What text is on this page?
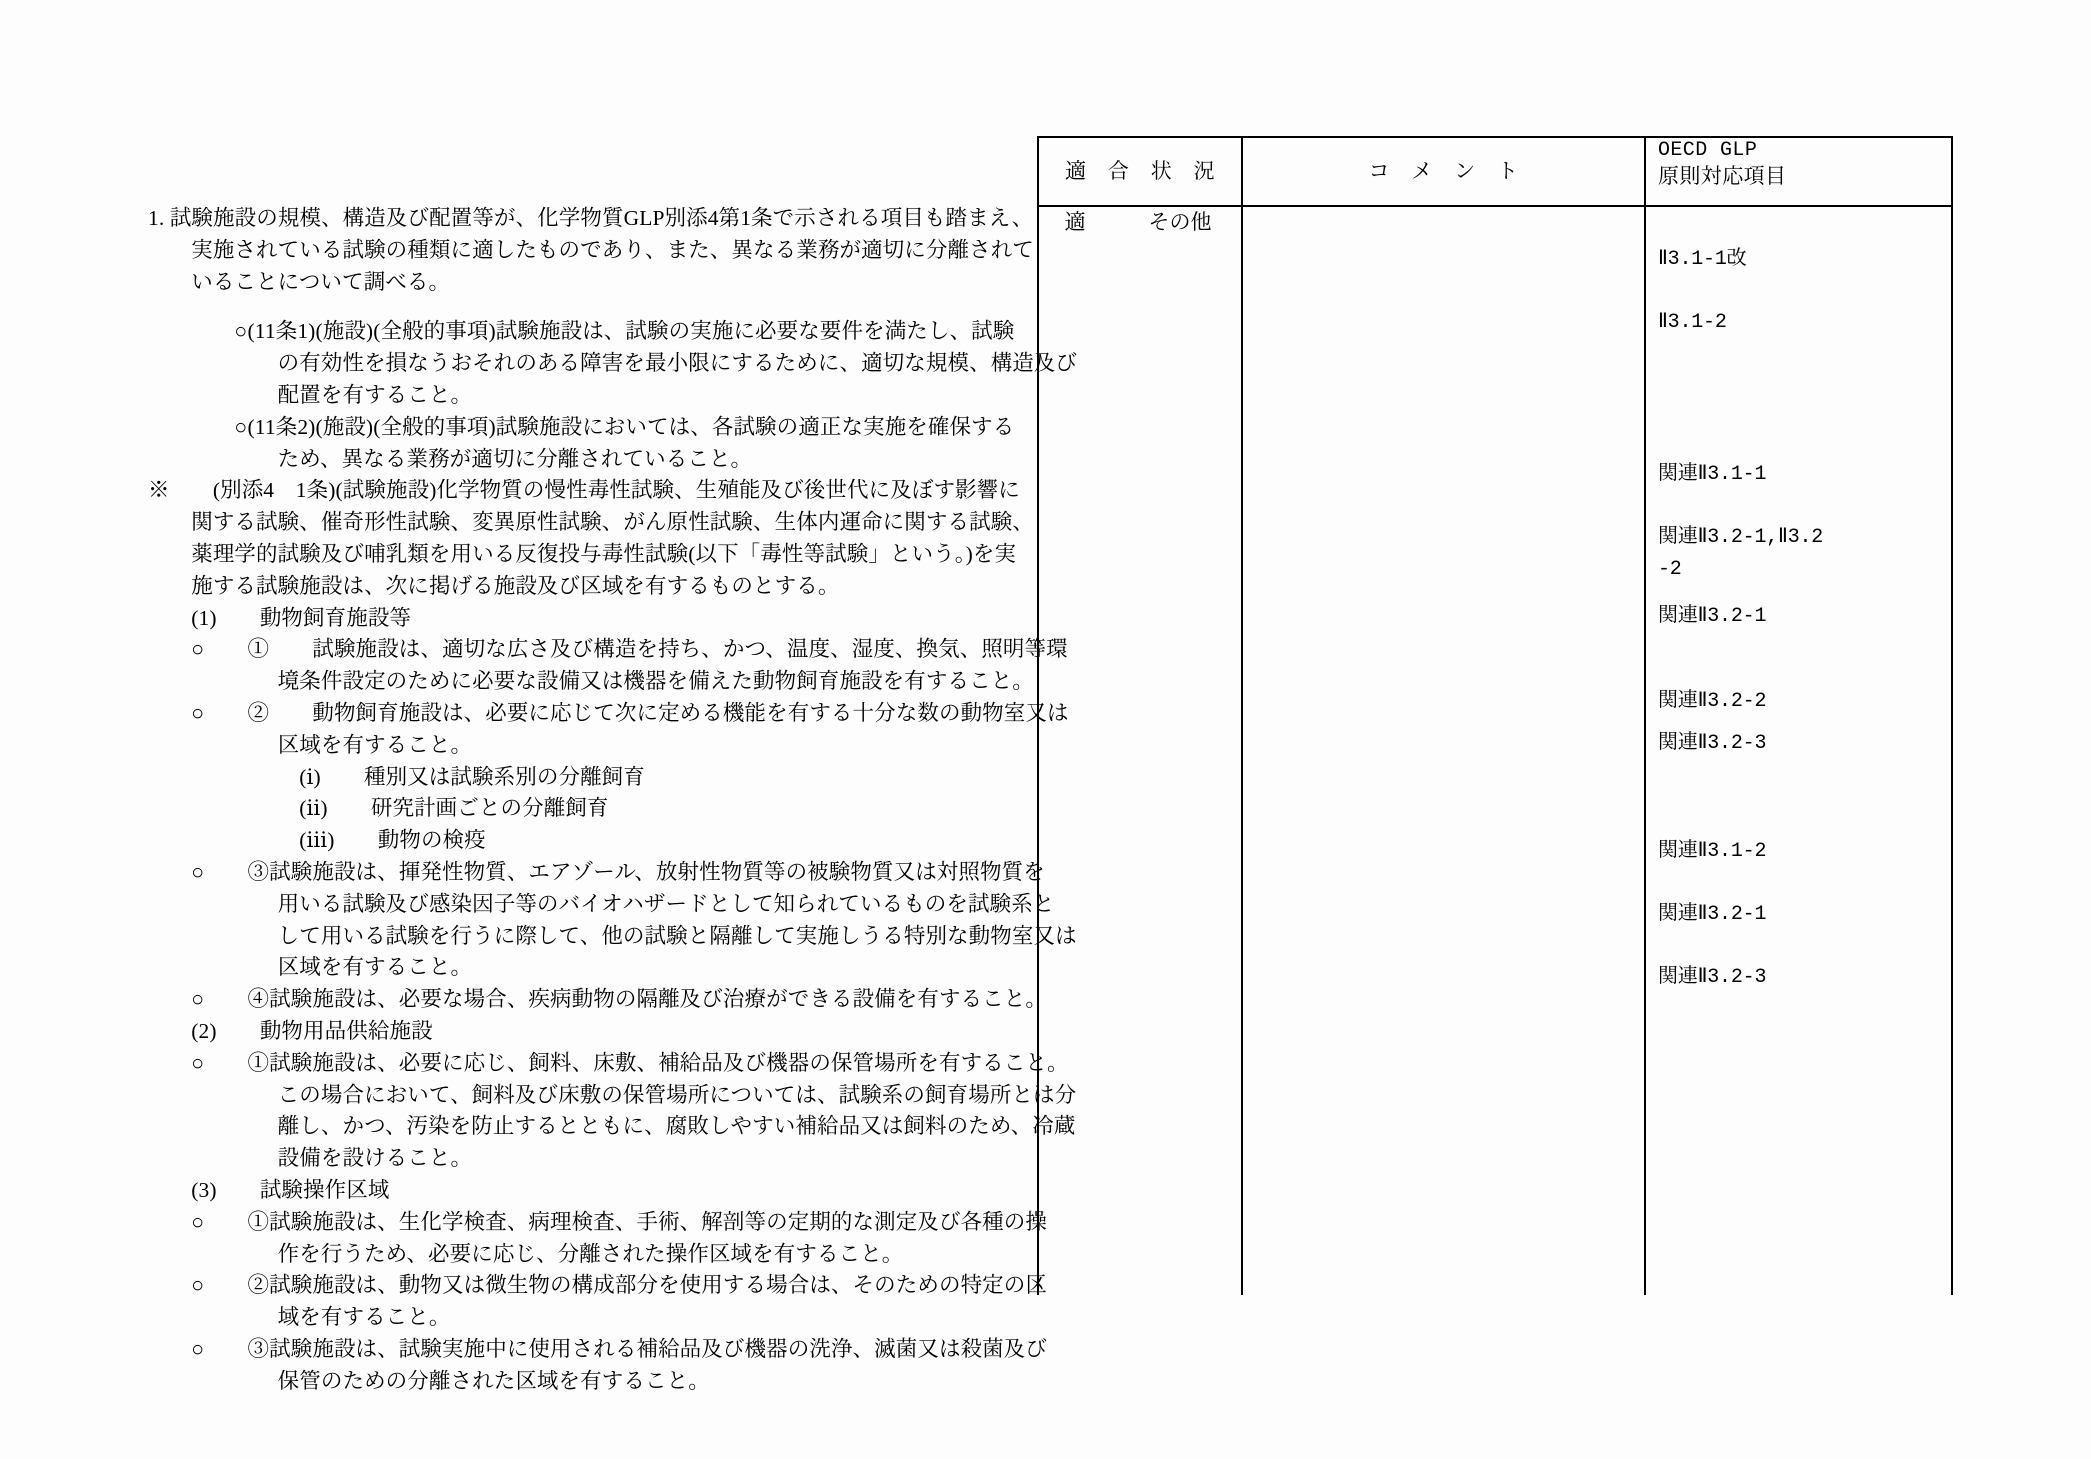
適　合　状　況	コ　メ　ン　ト
OECD GLP
原則対応項目
適　　　その他
Ⅱ3.1-1改
Ⅱ3.1-2
関連Ⅱ3.1-1
関連Ⅱ3.2-1,Ⅱ3.2
-2
関連Ⅱ3.2-1
関連Ⅱ3.2-2
関連Ⅱ3.2-3
関連Ⅱ3.1-2
関連Ⅱ3.2-1
関連Ⅱ3.2-3
1. 試験施設の規模、構造及び配置等が、化学物質GLP別添4第1条で示される項目も踏まえ、
　　実施されている試験の種類に適したものであり、また、異なる業務が適切に分離されて
　　いることについて調べる。
　　　　○(11条1)(施設)(全般的事項)試験施設は、試験の実施に必要な要件を満たし、試験
　　　　　　の有効性を損なうおそれのある障害を最小限にするために、適切な規模、構造及び
　　　　　　配置を有すること。
　　　　○(11条2)(施設)(全般的事項)試験施設においては、各試験の適正な実施を確保する
　　　　　　ため、異なる業務が適切に分離されていること。
※　　(別添4　1条)(試験施設)化学物質の慢性毒性試験、生殖能及び後世代に及ぼす影響に
　　関する試験、催奇形性試験、変異原性試験、がん原性試験、生体内運命に関する試験、
　　薬理学的試験及び哺乳類を用いる反復投与毒性試験(以下「毒性等試験」という。)を実
　　施する試験施設は、次に掲げる施設及び区域を有するものとする。
　　(1)　　動物飼育施設等
　　○　　①　　試験施設は、適切な広さ及び構造を持ち、かつ、温度、湿度、換気、照明等環
　　　　　　境条件設定のために必要な設備又は機器を備えた動物飼育施設を有すること。
　　○　　②　　動物飼育施設は、必要に応じて次に定める機能を有する十分な数の動物室又は
　　　　　　区域を有すること。
　　　　　　　(ⅰ)　　種別又は試験系別の分離飼育
　　　　　　　(ⅱ)　　研究計画ごとの分離飼育
　　　　　　　(ⅲ)　　動物の検疫
　　○　　③試験施設は、揮発性物質、エアゾール、放射性物質等の被験物質又は対照物質を
　　　　　　用いる試験及び感染因子等のバイオハザードとして知られているものを試験系と
　　　　　　して用いる試験を行うに際して、他の試験と隔離して実施しうる特別な動物室又は
　　　　　　区域を有すること。
　　○　　④試験施設は、必要な場合、疾病動物の隔離及び治療ができる設備を有すること。
　　(2)　　動物用品供給施設
　　○　　①試験施設は、必要に応じ、飼料、床敷、補給品及び機器の保管場所を有すること。
　　　　　　この場合において、飼料及び床敷の保管場所については、試験系の飼育場所とは分
　　　　　　離し、かつ、汚染を防止するとともに、腐敗しやすい補給品又は飼料のため、冷蔵
　　　　　　設備を設けること。
　　(3)　　試験操作区域
　　○　　①試験施設は、生化学検査、病理検査、手術、解剖等の定期的な測定及び各種の操
　　　　　　作を行うため、必要に応じ、分離された操作区域を有すること。
　　○　　②試験施設は、動物又は微生物の構成部分を使用する場合は、そのための特定の区
　　　　　　域を有すること。
　　○　　③試験施設は、試験実施中に使用される補給品及び機器の洗浄、滅菌又は殺菌及び
　　　　　　保管のための分離された区域を有すること。
